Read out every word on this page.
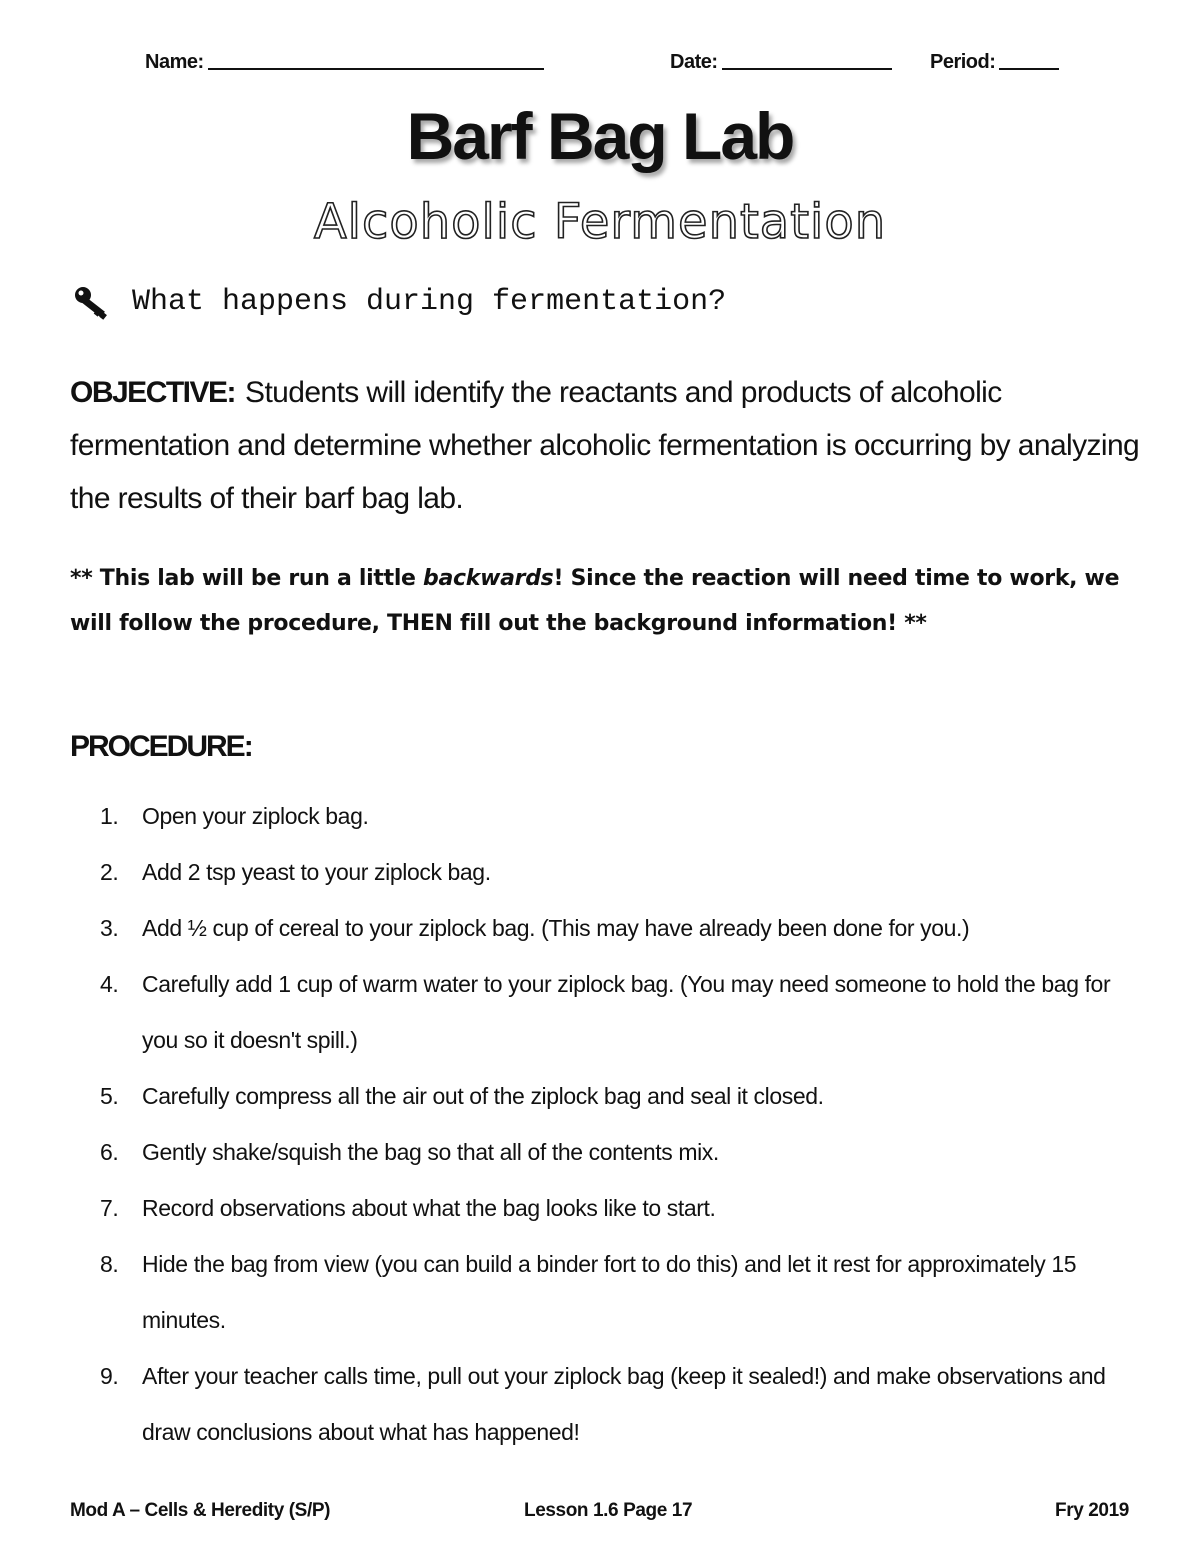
Name:	Date:	Period:
Barf Bag Lab
Alcoholic Fermentation
What happens during fermentation?
OBJECTIVE: Students will identify the reactants and products of alcoholic fermentation and determine whether alcoholic fermentation is occurring by analyzing the results of their barf bag lab.
** This lab will be run a little backwards! Since the reaction will need time to work, we will follow the procedure, THEN fill out the background information! **
PROCEDURE:
1. Open your ziplock bag.
2. Add 2 tsp yeast to your ziplock bag.
3. Add ½ cup of cereal to your ziplock bag. (This may have already been done for you.)
4. Carefully add 1 cup of warm water to your ziplock bag. (You may need someone to hold the bag for you so it doesn't spill.)
5. Carefully compress all the air out of the ziplock bag and seal it closed.
6. Gently shake/squish the bag so that all of the contents mix.
7. Record observations about what the bag looks like to start.
8. Hide the bag from view (you can build a binder fort to do this) and let it rest for approximately 15 minutes.
9. After your teacher calls time, pull out your ziplock bag (keep it sealed!) and make observations and draw conclusions about what has happened!
Mod A – Cells & Heredity (S/P)	Lesson 1.6 Page 17	Fry 2019
